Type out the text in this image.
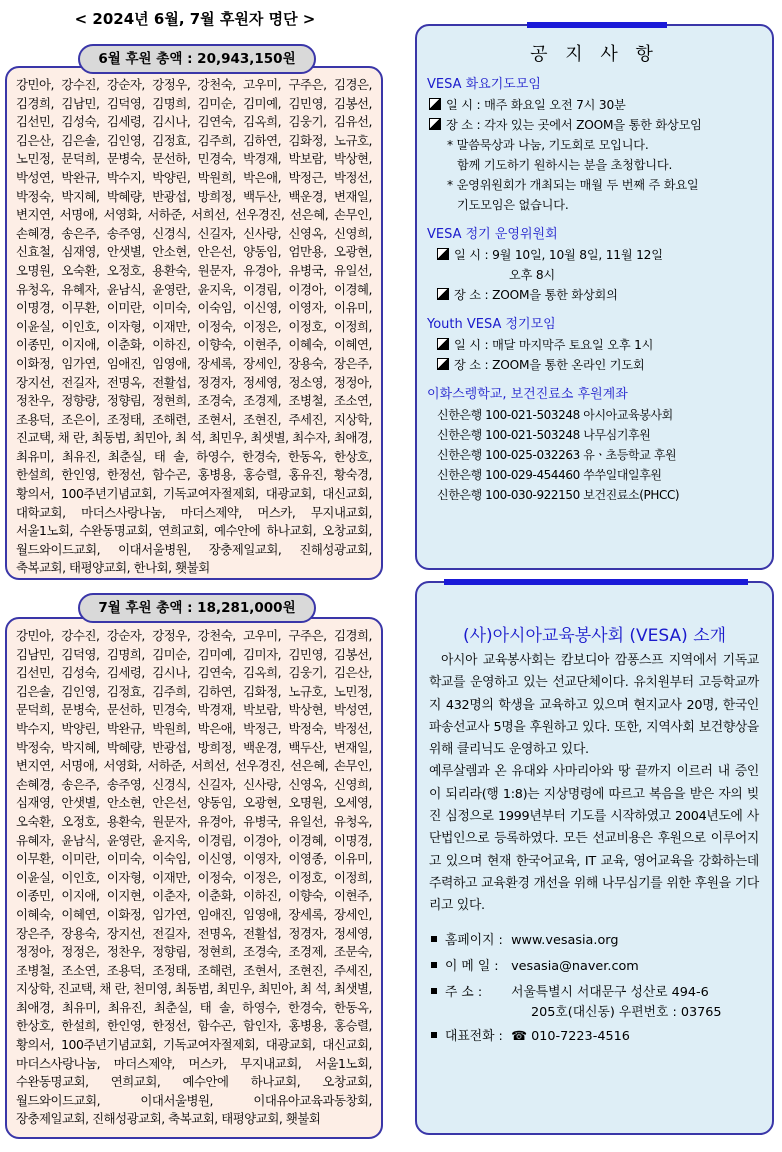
< 2024년 6월, 7월 후원자 명단 >

강민아, 강수진, 강순자, 강정우, 강천숙, 고우미, 구주은, 김경은, 김경희, 김남민, 김덕영, 김명희, 김미순, 김미예, 김민영, 김봉선, 김선민, 김성숙, 김세령, 김시나, 김연숙, 김옥희, 김웅기, 김유선, 김은산, 김은솔, 김인영, 김정효, 김주희, 김하연, 김화정, 노규호, 노민정, 문덕희, 문병숙, 문선하, 민경숙, 박경재, 박보람, 박상현, 박성연, 박완규, 박수지, 박양린, 박원희, 박은애, 박정근, 박정선, 박정숙, 박지혜, 박혜량, 반광섭, 방희정, 백두산, 백운경, 변재일, 변지연, 서명애, 서영화, 서하준, 서희선, 선우경진, 선은혜, 손무인, 손혜경, 송은주, 송주영, 신경식, 신길자, 신사랑, 신영옥, 신영희, 신효철, 심재영, 안샛별, 안소현, 안은선, 양동임, 엄만용, 오광현, 오명원, 오숙환, 오정호, 용환숙, 원문자, 유경아, 유병국, 유일선, 유청옥, 유혜자, 윤남식, 윤영란, 윤지욱, 이경림, 이경아, 이경혜, 이명경, 이무환, 이미란, 이미숙, 이숙임, 이신영, 이영자, 이유미, 이윤실, 이인호, 이자형, 이재만, 이정숙, 이정은, 이정호, 이정희, 이종민, 이지애, 이춘화, 이하진, 이향숙, 이현주, 이혜숙, 이혜연, 이화정, 임가연, 임애진, 임영애, 장세록, 장세인, 장용숙, 장은주, 장지선, 전길자, 전명옥, 전활섭, 정경자, 정세영, 정소영, 정정아, 정찬우, 정향량, 정향림, 정현희, 조경숙, 조경제, 조병철, 조소연, 조용덕, 조은이, 조정태, 조해련, 조현서, 조현진, 주세진, 지상학, 진교택, 채 란, 최동범, 최민아, 최 석, 최민우, 최샛별, 최수자, 최애경, 최유미, 최유진, 최춘실, 태 솔, 하영수, 한경숙, 한동옥, 한상호, 한설희, 한인영, 한정선, 함수곤, 홍병용, 홍승렬, 홍유진, 황숙경, 황의서, 100주년기념교회, 기독교여자절제회, 대광교회, 대신교회, 대학교회, 마더스사랑나눔, 마더스제약, 머스카, 무지내교회, 서울1노회, 수완동명교회, 연희교회, 예수안에 하나교회, 오창교회, 월드와이드교회, 이대서울병원, 장충제일교회, 진해성광교회, 축복교회, 태평양교회, 한나회, 횃불회

6월 후원 총액 : 20,943,150원

강민아, 강수진, 강순자, 강정우, 강천숙, 고우미, 구주은, 김경희, 김남민, 김덕영, 김명희, 김미순, 김미예, 김미자, 김민영, 김봉선, 김선민, 김성숙, 김세령, 김시나, 김연숙, 김옥희, 김웅기, 김은산, 김은솔, 김인영, 김정효, 김주희, 김하연, 김화정, 노규호, 노민정, 문덕희, 문병숙, 문선하, 민경숙, 박경재, 박보람, 박상현, 박성연, 박수지, 박양린, 박완규, 박원희, 박은애, 박정근, 박정숙, 박정선, 박정숙, 박지혜, 박혜량, 반광섭, 방희정, 백운경, 백두산, 변재일, 변지연, 서명애, 서영화, 서하준, 서희선, 선우경진, 선은혜, 손무인, 손혜경, 송은주, 송주영, 신경식, 신길자, 신사랑, 신영옥, 신영희, 심재영, 안샛별, 안소현, 안은선, 양동임, 오광현, 오명원, 오세영, 오숙환, 오정호, 용환숙, 원문자, 유경아, 유병국, 유일선, 유청옥, 유혜자, 윤남식, 윤영란, 윤지욱, 이경림, 이경아, 이경혜, 이명경, 이무환, 이미란, 이미숙, 이숙임, 이신영, 이영자, 이영종, 이유미, 이윤실, 이인호, 이자형, 이재만, 이정숙, 이정은, 이정호, 이정희, 이종민, 이지애, 이지현, 이춘자, 이춘화, 이하진, 이향숙, 이현주, 이혜숙, 이혜연, 이화정, 임가연, 임애진, 임영애, 장세록, 장세인, 장은주, 장용숙, 장지선, 전길자, 전명옥, 전활섭, 정경자, 정세영, 정정아, 정정은, 정찬우, 정향림, 정현희, 조경숙, 조경제, 조문숙, 조병철, 조소연, 조용덕, 조정태, 조해련, 조현서, 조현진, 주세진, 지상학, 진교택, 채 란, 천미영, 최동범, 최민우, 최민아, 최 석, 최샛별, 최애경, 최유미, 최유진, 최춘실, 태 솔, 하영수, 한경숙, 한동옥, 한상호, 한설희, 한인영, 한정선, 함수곤, 함인자, 홍병용, 홍승렬, 황의서, 100주년기념교회, 기독교여자절제회, 대광교회, 대신교회, 마더스사랑나눔, 마더스제약, 머스카, 무지내교회, 서울1노회, 수완동명교회, 연희교회, 예수안에 하나교회, 오창교회, 월드와이드교회, 이대서울병원, 이대유아교육과동창회, 장충제일교회, 진해성광교회, 축복교회, 태평양교회, 횃불회

7월 후원 총액 : 18,281,000원
공 지 사 항
VESA 화요기도모임
일 시 : 매주 화요일 오전 7시 30분
장 소 : 각자 있는 곳에서 ZOOM을 통한 화상모임
* 말씀묵상과 나눔, 기도회로 모입니다.
함께 기도하기 원하시는 분을 초청합니다.
* 운영위원회가 개최되는 매월 두 번째 주 화요일
기도모임은 없습니다.
VESA 정기 운영위원회
일 시 : 9월 10일, 10월 8일, 11월 12일
오후 8시
장 소 : ZOOM을 통한 화상회의
Youth VESA 정기모임
일 시 : 매달 마지막주 토요일 오후 1시
장 소 : ZOOM을 통한 온라인 기도회
이화스렝학교, 보건진료소 후원계좌
신한은행 100-021-503248 아시아교육봉사회
신한은행 100-021-503248 나무심기후원
신한은행 100-025-032263 유ㆍ초등학교 후원
신한은행 100-029-454460 쑤쑤일대일후원
신한은행 100-030-922150 보건진료소(PHCC)
(사)아시아교육봉사회 (VESA) 소개

아시아 교육봉사회는 캄보디아 깜퐁스프 지역에서 기독교 학교를 운영하고 있는 선교단체이다. 유치원부터 고등학교까지 432명의 학생을 교육하고 있으며 현지교사 20명, 한국인 파송선교사 5명을 후원하고 있다. 또한, 지역사회 보건향상을 위해 클리닉도 운영하고 있다.

예루살렘과 온 유대와 사마리아와 땅 끝까지 이르러 내 증인이 되리라(행 1:8)는 지상명령에 따르고 복음을 받은 자의 빚진 심정으로 1999년부터 기도를 시작하였고 2004년도에 사단법인으로 등록하였다. 모든 선교비용은 후원으로 이루어지고 있으며 현재 한국어교육, IT 교육, 영어교육을 강화하는데 주력하고 교육환경 개선을 위해 나무심기를 위한 후원을 기다리고 있다.

홈페이지 : www.vesasia.org
이 메 일 : vesasia@naver.com
주 소 : 서울특별시 서대문구 성산로 494-6
205호(대신동) 우편번호 : 03765
대표전화 : ☎ 010-7223-4516
